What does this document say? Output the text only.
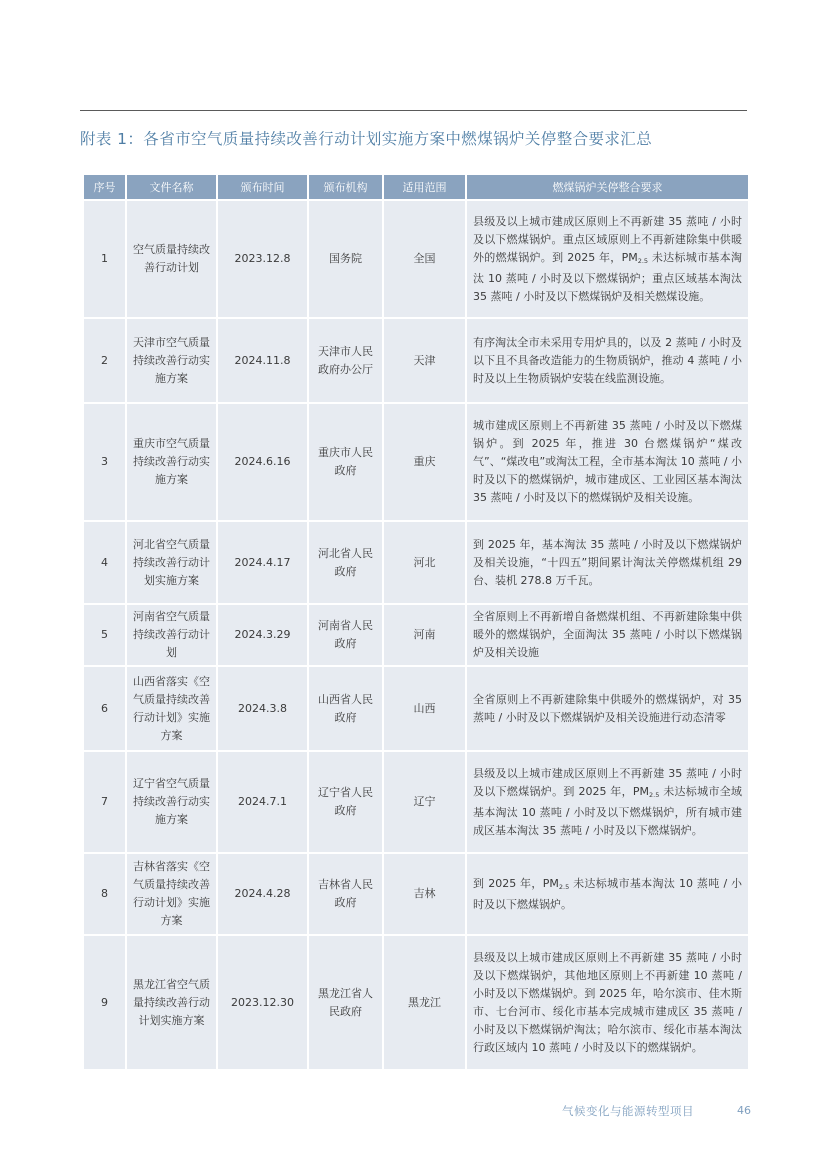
附表 1：各省市空气质量持续改善行动计划实施方案中燃煤锅炉关停整合要求汇总
序号	文件名称	颁布时间	颁布机构	适用范围	燃煤锅炉关停整合要求
1	空气质量持续改善行动计划	2023.12.8	国务院	全国	县级及以上城市建成区原则上不再新建 35 蒸吨 / 小时及以下燃煤锅炉。重点区域原则上不再新建除集中供暖外的燃煤锅炉。到 2025 年，$PM_{2.5}$ 未达标城市基本淘汰 10 蒸吨 / 小时及以下燃煤锅炉；重点区域基本淘汰 35 蒸吨 / 小时及以下燃煤锅炉及相关燃煤设施。
2	天津市空气质量持续改善行动实施方案	2024.11.8	天津市人民政府办公厅	天津	有序淘汰全市未采用专用炉具的，以及 2 蒸吨 / 小时及以下且不具备改造能力的生物质锅炉，推动 4 蒸吨 / 小时及以上生物质锅炉安装在线监测设施。
3	重庆市空气质量持续改善行动实施方案	2024.6.16	重庆市人民政府	重庆	城市建成区原则上不再新建 35 蒸吨 / 小时及以下燃煤锅炉。到 2025 年，推进 30 台燃煤锅炉“煤改气”、“煤改电”或淘汰工程，全市基本淘汰 10 蒸吨 / 小时及以下的燃煤锅炉，城市建成区、工业园区基本淘汰 35 蒸吨 / 小时及以下的燃煤锅炉及相关设施。
4	河北省空气质量持续改善行动计划实施方案	2024.4.17	河北省人民政府	河北	到 2025 年，基本淘汰 35 蒸吨 / 小时及以下燃煤锅炉及相关设施，“十四五”期间累计淘汰关停燃煤机组 29 台、装机 278.8 万千瓦。
5	河南省空气质量持续改善行动计划	2024.3.29	河南省人民政府	河南	全省原则上不再新增自备燃煤机组、不再新建除集中供暖外的燃煤锅炉，全面淘汰 35 蒸吨 / 小时以下燃煤锅炉及相关设施
6	山西省落实《空气质量持续改善行动计划》实施方案	2024.3.8	山西省人民政府	山西	全省原则上不再新建除集中供暖外的燃煤锅炉，对 35 蒸吨 / 小时及以下燃煤锅炉及相关设施进行动态清零
7	辽宁省空气质量持续改善行动实施方案	2024.7.1	辽宁省人民政府	辽宁	县级及以上城市建成区原则上不再新建 35 蒸吨 / 小时及以下燃煤锅炉。到 2025 年，$PM_{2.5}$ 未达标城市全域基本淘汰 10 蒸吨 / 小时及以下燃煤锅炉，所有城市建成区基本淘汰 35 蒸吨 / 小时及以下燃煤锅炉。
8	吉林省落实《空气质量持续改善行动计划》实施方案	2024.4.28	吉林省人民政府	吉林	到 2025 年，$PM_{2.5}$ 未达标城市基本淘汰 10 蒸吨 / 小时及以下燃煤锅炉。
9	黑龙江省空气质量持续改善行动计划实施方案	2023.12.30	黑龙江省人民政府	黑龙江	县级及以上城市建成区原则上不再新建 35 蒸吨 / 小时及以下燃煤锅炉，其他地区原则上不再新建 10 蒸吨 / 小时及以下燃煤锅炉。到 2025 年，哈尔滨市、佳木斯市、七台河市、绥化市基本完成城市建成区 35 蒸吨 / 小时及以下燃煤锅炉淘汰；哈尔滨市、绥化市基本淘汰行政区域内 10 蒸吨 / 小时及以下的燃煤锅炉。
气候变化与能源转型项目	46
